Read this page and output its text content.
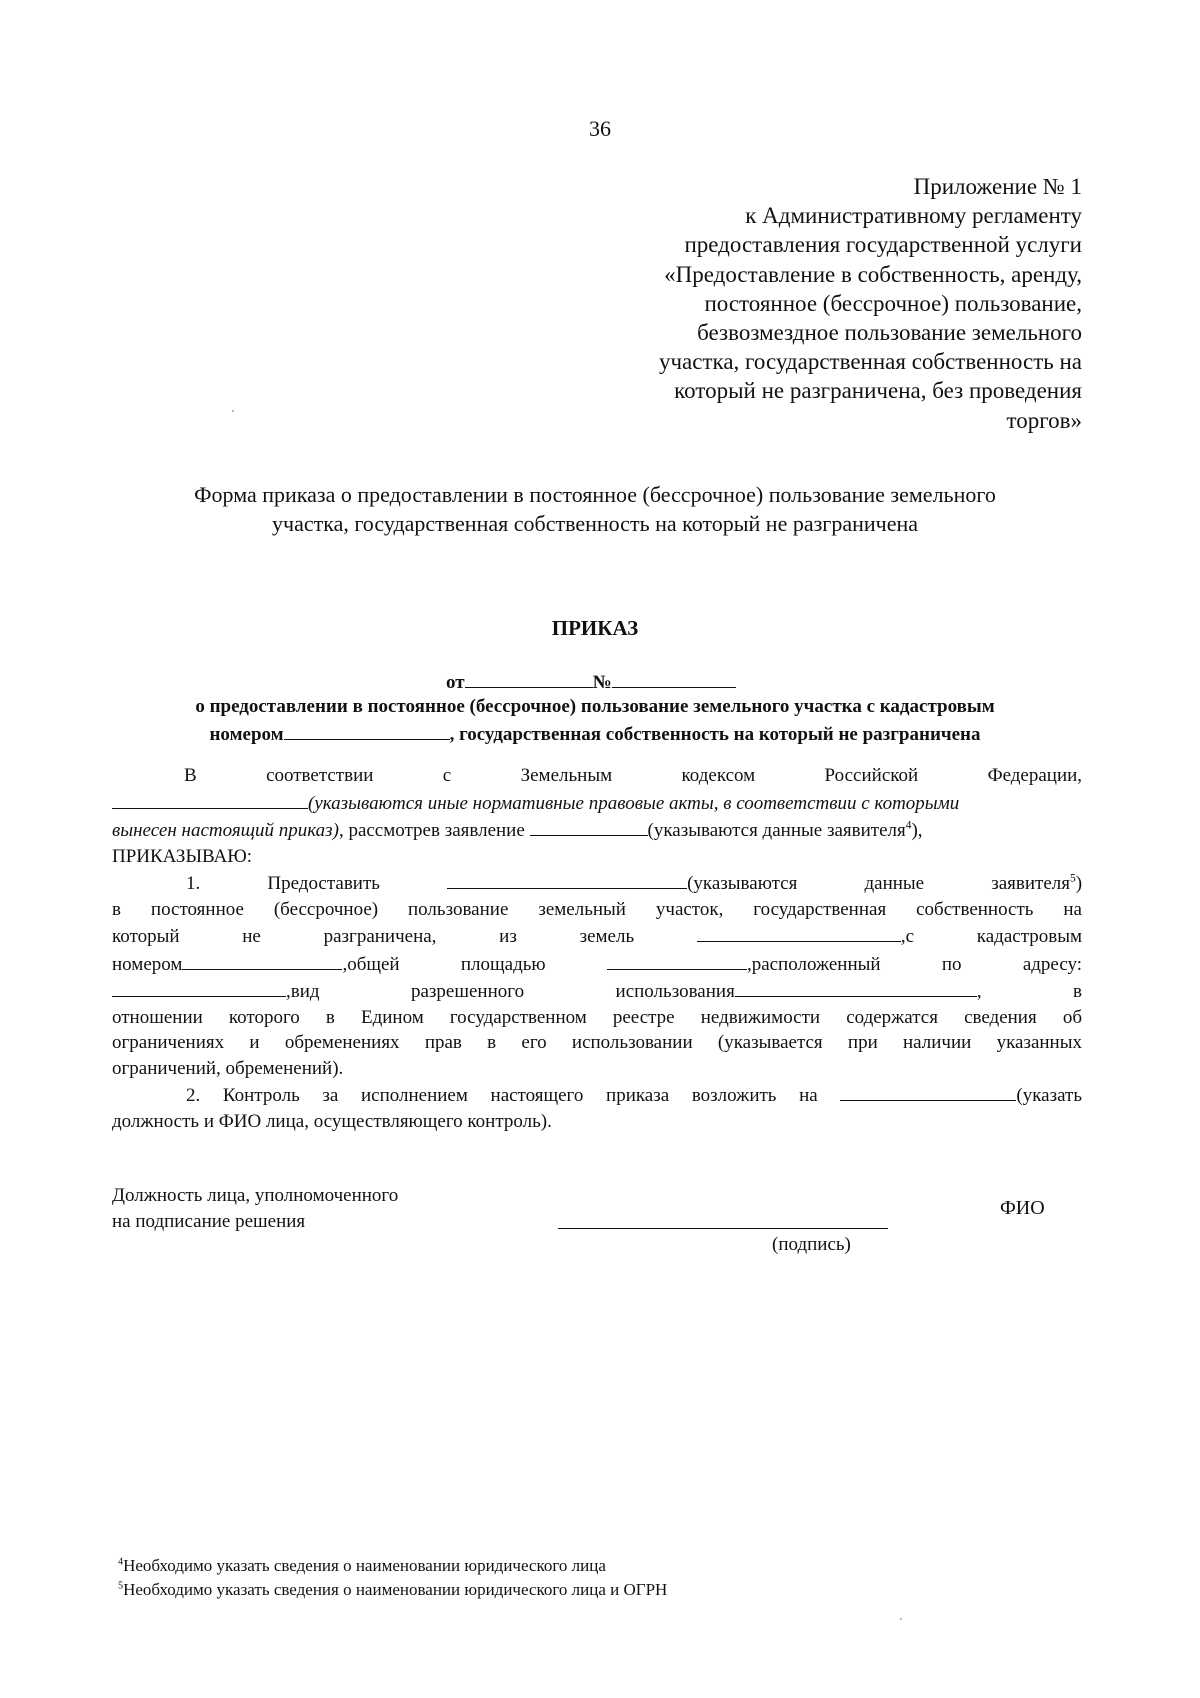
36
Приложение № 1
к Административному регламенту
предоставления государственной услуги
«Предоставление в собственность, аренду,
постоянное (бессрочное) пользование,
безвозмездное пользование земельного
участка, государственная собственность на
который не разграничена, без проведения
торгов»
Форма приказа о предоставлении в постоянное (бессрочное) пользование земельного
участка, государственная собственность на который не разграничена
ПРИКАЗ
от	№
о предоставлении в постоянное (бессрочное) пользование земельного участка с кадастровым
номером	, государственная собственность на который не разграничена
В	соответствии	с	Земельным	кодексом	Российской	Федерации,
(указываются иные нормативные правовые акты, в соответствии с которыми
вынесен настоящий приказ), рассмотрев заявление	(указываются данные заявителя$^4$),
ПРИКАЗЫВАЮ:
1.	Предоставить	(указываются	данные	заявителя$^5$)
в постоянное (бессрочное) пользование земельный участок, государственная собственность на
который	не	разграничена,	из	земель	,с	кадастровым
номером	,общей	площадью	,расположенный	по	адресу:
,вид разрешенного использования	,	в
отношении которого в Едином государственном реестре недвижимости содержатся сведения об
ограничениях и обременениях прав в его использовании (указывается при наличии указанных
ограничений, обременений).
2. Контроль за исполнением настоящего приказа возложить на	(указать
должность и ФИО лица, осуществляющего контроль).
Должность лица, уполномоченного
на подписание решения
(подпись)
ФИО
$^4$Необходимо указать сведения о наименовании юридического лица
$^5$Необходимо указать сведения о наименовании юридического лица и ОГРН
